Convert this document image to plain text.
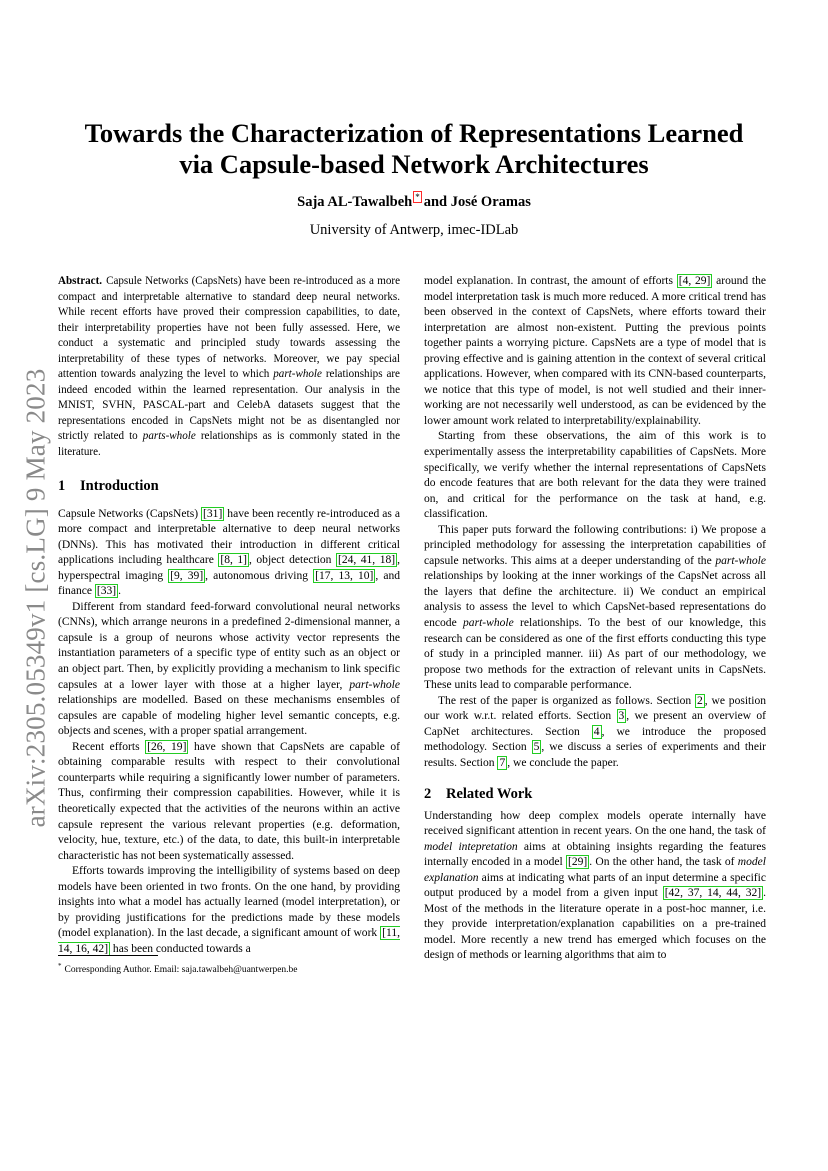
arXiv:2305.05349v1 [cs.LG] 9 May 2023
Towards the Characterization of Representations Learned via Capsule-based Network Architectures
Saja AL-Tawalbeh * and José Oramas
University of Antwerp, imec-IDLab

Abstract. Capsule Networks (CapsNets) have been re-introduced as a more compact and interpretable alternative to standard deep neural networks. While recent efforts have proved their compression capabilities, to date, their interpretability properties have not been fully assessed. Here, we conduct a systematic and principled study towards assessing the interpretability of these types of networks. Moreover, we pay special attention towards analyzing the level to which part-whole relationships are indeed encoded within the learned representation. Our analysis in the MNIST, SVHN, PASCAL-part and CelebA datasets suggest that the representations encoded in CapsNets might not be as disentangled nor strictly related to parts-whole relationships as is commonly stated in the literature.

1 Introduction

Capsule Networks (CapsNets) [31] have been recently re-introduced as a more compact and interpretable alternative to deep neural networks (DNNs). This has motivated their introduction in different critical applications including healthcare [8, 1] , object detection [24, 41, 18] , hyperspectral imaging [9, 39] , autonomous driving [17, 13, 10] , and finance [33] .

Different from standard feed-forward convolutional neural networks (CNNs), which arrange neurons in a predefined 2-dimensional manner, a capsule is a group of neurons whose activity vector represents the instantiation parameters of a specific type of entity such as an object or an object part. Then, by explicitly providing a mechanism to link specific capsules at a lower layer with those at a higher layer, part-whole relationships are modelled. Based on these mechanisms ensembles of capsules are capable of modeling higher level semantic concepts, e.g. objects and scenes, with a proper spatial arrangement.

Recent efforts [26, 19] have shown that CapsNets are capable of obtaining comparable results with respect to their convolutional counterparts while requiring a significantly lower number of parameters. Thus, confirming their compression capabilities. However, while it is theoretically expected that the activities of the neurons within an active capsule represent the various relevant properties (e.g. deformation, velocity, hue, texture, etc.) of the data, to date, this built-in interpretable characteristic has not been systematically assessed.

Efforts towards improving the intelligibility of systems based on deep models have been oriented in two fronts. On the one hand, by providing insights into what a model has actually learned (model interpretation), or by providing justifications for the predictions made by these models (model explanation). In the last decade, a significant amount of work [11, 14, 16, 42] has been conducted towards a

* Corresponding Author. Email: saja.tawalbeh@uantwerpen.be

model explanation. In contrast, the amount of efforts [4, 29] around the model interpretation task is much more reduced. A more critical trend has been observed in the context of CapsNets, where efforts toward their interpretation are almost non-existent. Putting the previous points together paints a worrying picture. CapsNets are a type of model that is proving effective and is gaining attention in the context of several critical applications. However, when compared with its CNN-based counterparts, we notice that this type of model, is not well studied and their inner-working are not necessarily well understood, as can be evidenced by the lower amount work related to interpretability/explainability.

Starting from these observations, the aim of this work is to experimentally assess the interpretability capabilities of CapsNets. More specifically, we verify whether the internal representations of CapsNets do encode features that are both relevant for the data they were trained on, and critical for the performance on the task at hand, e.g. classification.

This paper puts forward the following contributions: i) We propose a principled methodology for assessing the interpretation capabilities of capsule networks. This aims at a deeper understanding of the part-whole relationships by looking at the inner workings of the CapsNet across all the layers that define the architecture. ii) We conduct an empirical analysis to assess the level to which CapsNet-based representations do encode part-whole relationships. To the best of our knowledge, this research can be considered as one of the first efforts conducting this type of study in a principled manner. iii) As part of our methodology, we propose two methods for the extraction of relevant units in CapsNets. These units lead to comparable performance.

The rest of the paper is organized as follows. Section 2 , we position our work w.r.t. related efforts. Section 3 , we present an overview of CapNet architectures. Section 4 , we introduce the proposed methodology. Section 5 , we discuss a series of experiments and their results. Section 7 , we conclude the paper.

2 Related Work

Understanding how deep complex models operate internally have received significant attention in recent years. On the one hand, the task of model intepretation aims at obtaining insights regarding the features internally encoded in a model [29] . On the other hand, the task of model explanation aims at indicating what parts of an input determine a specific output produced by a model from a given input [42, 37, 14, 44, 32] . Most of the methods in the literature operate in a post-hoc manner, i.e. they provide interpretation/explanation capabilities on a pre-trained model. More recently a new trend has emerged which focuses on the design of methods or learning algorithms that aim to
